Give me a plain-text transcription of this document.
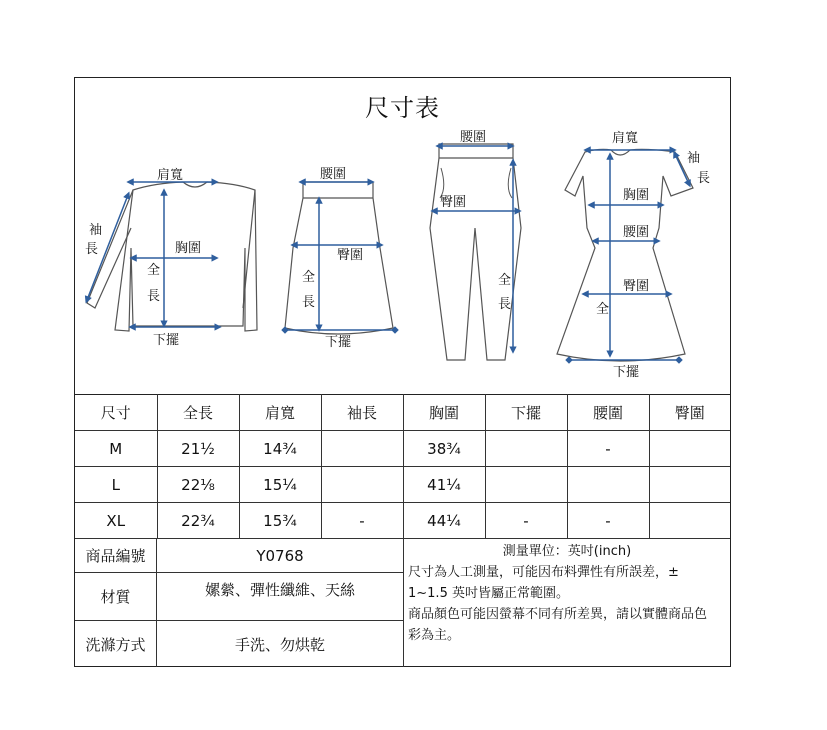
尺寸表
肩寬
袖
長	胸圍
全
長
下擺
腰圍
臀圍
全
長
下擺
腰圍
臀圍
全
長
肩寬
袖
長
胸圍
腰圍
臀圍
全
下擺
尺寸	全長	肩寬	袖長	胸圍	下擺	腰圍	臀圍
M	21½	14¾		38¾		-	
L	22⅛	15¼		41¼			
XL	22¾	15¾	-	44¼	-	-	
商品編號	Y0768
材質	嫘縈、彈性纖維、天絲
洗滌方式	手洗、勿烘乾
測量單位：英吋(inch)
尺寸為人工測量，可能因布料彈性有所誤差，±
1~1.5 英吋皆屬正常範圍。
商品顏色可能因螢幕不同有所差異，請以實體商品色
彩為主。
